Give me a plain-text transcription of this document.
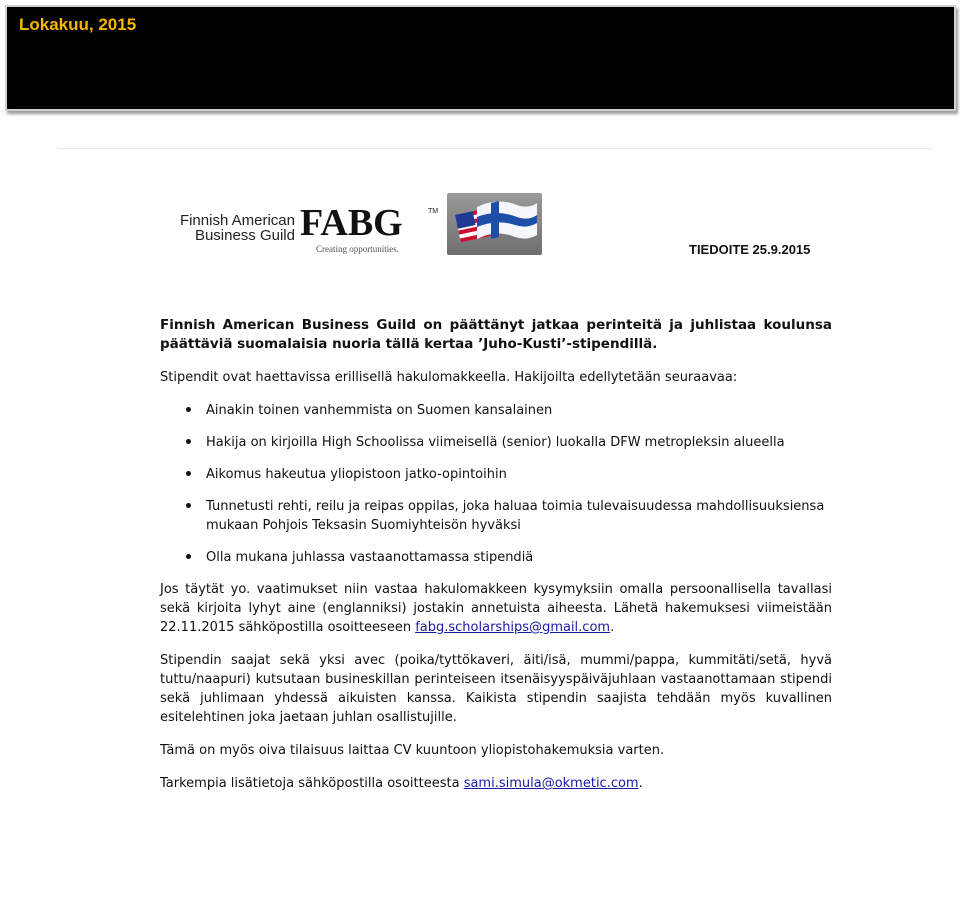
Lokakuu, 2015
Finnish American
Business Guild FABG	TM
Creating opportunities.	TIEDOITE 25.9.2015

Finnish American Business Guild on päättänyt jatkaa perinteitä ja juhlistaa koulunsa päättäviä suomalaisia nuoria tällä kertaa ’Juho-Kusti’-stipendillä.

Stipendit ovat haettavissa erillisellä hakulomakkeella. Hakijoilta edellytetään seuraavaa:

Ainakin toinen vanhemmista on Suomen kansalainen
Hakija on kirjoilla High Schoolissa viimeisellä (senior) luokalla DFW metropleksin alueella
Aikomus hakeutua yliopistoon jatko-opintoihin
Tunnetusti rehti, reilu ja reipas oppilas, joka haluaa toimia tulevaisuudessa mahdollisuuksiensa mukaan Pohjois Teksasin Suomiyhteisön hyväksi
Olla mukana juhlassa vastaanottamassa stipendiä

Jos täytät yo. vaatimukset niin vastaa hakulomakkeen kysymyksiin omalla persoonallisella tavallasi sekä kirjoita lyhyt aine (englanniksi) jostakin annetuista aiheesta. Lähetä hakemuksesi viimeistään 22.11.2015 sähköpostilla osoitteeseen fabg.scholarships@gmail.com.

Stipendin saajat sekä yksi avec (poika/tyttökaveri, äiti/isä, mummi/pappa, kummitäti/setä, hyvä tuttu/naapuri) kutsutaan busineskillan perinteiseen itsenäisyyspäiväjuhlaan vastaanottamaan stipendi sekä juhlimaan yhdessä aikuisten kanssa. Kaikista stipendin saajista tehdään myös kuvallinen esitelehtinen joka jaetaan juhlan osallistujille.

Tämä on myös oiva tilaisuus laittaa CV kuuntoon yliopistohakemuksia varten.

Tarkempia lisätietoja sähköpostilla osoitteesta sami.simula@okmetic.com.
